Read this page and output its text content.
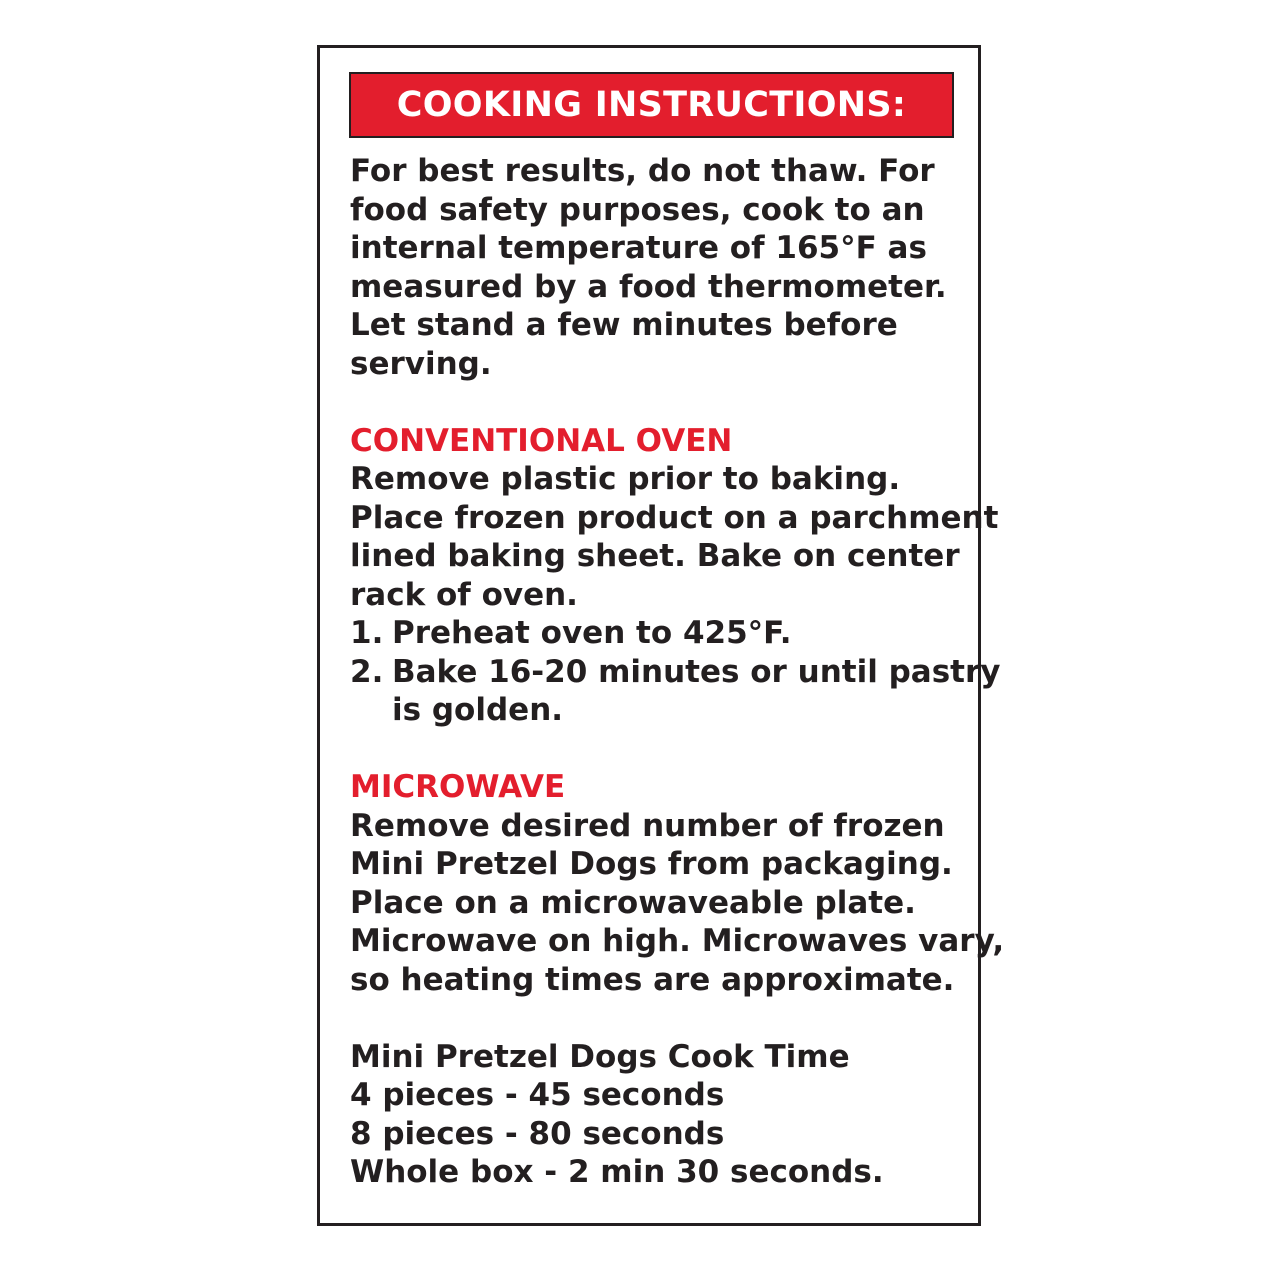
COOKING INSTRUCTIONS:
For best results, do not thaw. For
food safety purposes, cook to an
internal temperature of 165°F as
measured by a food thermometer.
Let stand a few minutes before
serving.
CONVENTIONAL OVEN
Remove plastic prior to baking.
Place frozen product on a parchment
lined baking sheet. Bake on center
rack of oven.
1. Preheat oven to 425°F.
2. Bake 16-20 minutes or until pastry
is golden.
MICROWAVE
Remove desired number of frozen
Mini Pretzel Dogs from packaging.
Place on a microwaveable plate.
Microwave on high. Microwaves vary,
so heating times are approximate.
Mini Pretzel Dogs Cook Time
4 pieces - 45 seconds
8 pieces - 80 seconds
Whole box - 2 min 30 seconds.
